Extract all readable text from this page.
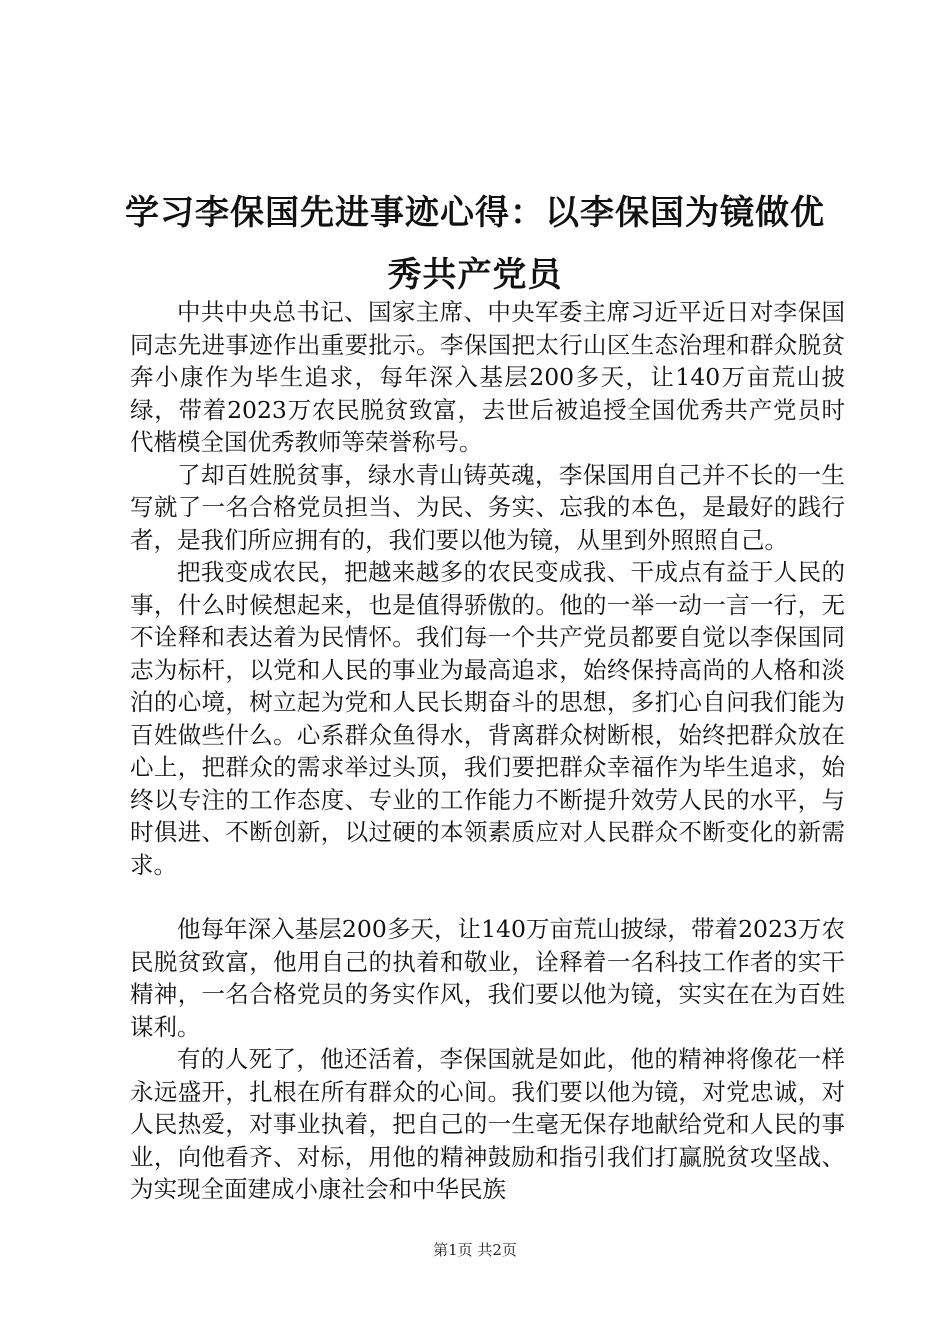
学习李保国先进事迹心得：以李保国为镜做优秀共产党员

中共中央总书记、国家主席、中央军委主席习近平近日对李保国同志先进事迹作出重要批示。李保国把太行山区生态治理和群众脱贫奔小康作为毕生追求，每年深入基层200多天，让140万亩荒山披绿，带着2023万农民脱贫致富，去世后被追授全国优秀共产党员时代楷模全国优秀教师等荣誉称号。

了却百姓脱贫事，绿水青山铸英魂，李保国用自己并不长的一生写就了一名合格党员担当、为民、务实、忘我的本色，是最好的践行者，是我们所应拥有的，我们要以他为镜，从里到外照照自己。

把我变成农民，把越来越多的农民变成我、干成点有益于人民的事，什么时候想起来，也是值得骄傲的。他的一举一动一言一行，无不诠释和表达着为民情怀。我们每一个共产党员都要自觉以李保国同志为标杆，以党和人民的事业为最高追求，始终保持高尚的人格和淡泊的心境，树立起为党和人民长期奋斗的思想，多扪心自问我们能为百姓做些什么。心系群众鱼得水，背离群众树断根，始终把群众放在心上，把群众的需求举过头顶，我们要把群众幸福作为毕生追求，始终以专注的工作态度、专业的工作能力不断提升效劳人民的水平，与时俱进、不断创新，以过硬的本领素质应对人民群众不断变化的新需求。

他每年深入基层200多天，让140万亩荒山披绿，带着2023万农民脱贫致富，他用自己的执着和敬业，诠释着一名科技工作者的实干精神，一名合格党员的务实作风，我们要以他为镜，实实在在为百姓谋利。

有的人死了，他还活着，李保国就是如此，他的精神将像花一样永远盛开，扎根在所有群众的心间。我们要以他为镜，对党忠诚，对人民热爱，对事业执着，把自己的一生毫无保存地献给党和人民的事业，向他看齐、对标，用他的精神鼓励和指引我们打赢脱贫攻坚战、为实现全面建成小康社会和中华民族

第1页 共2页
